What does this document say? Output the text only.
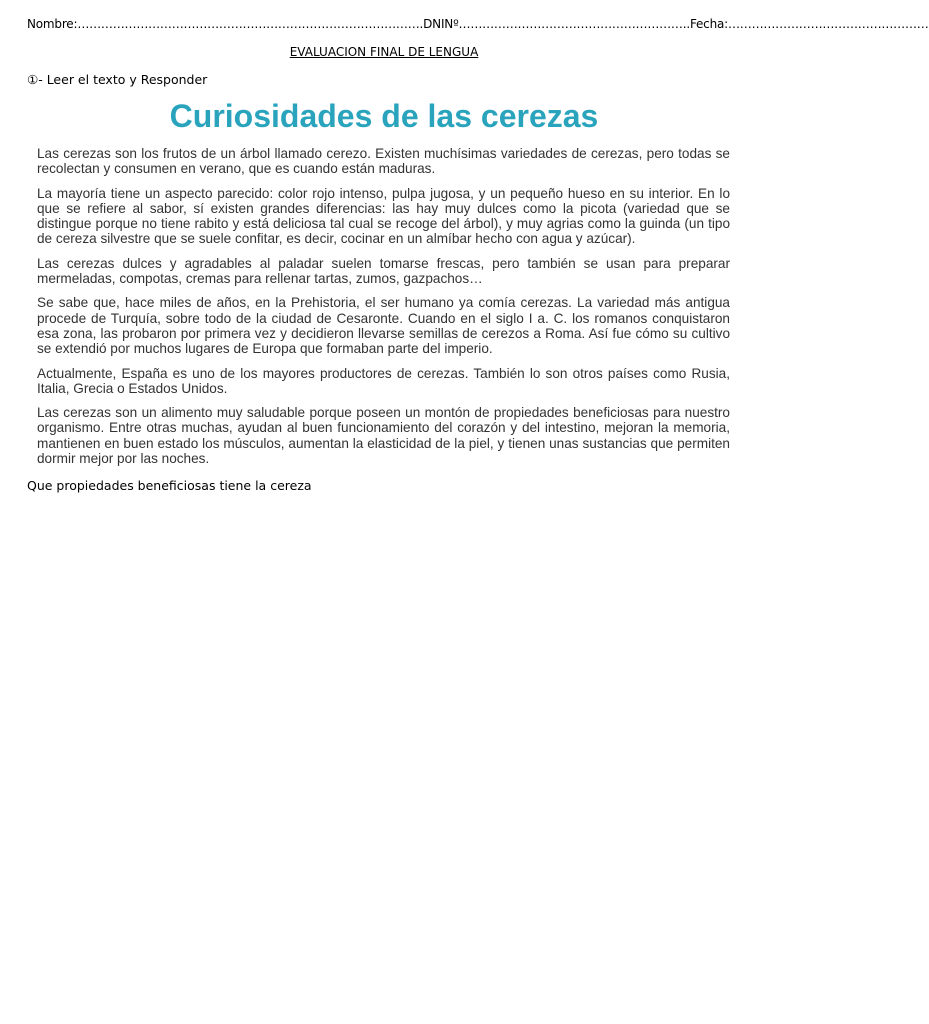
Nombre:…………………………………………………………………………….DNINº…………………………………………………..Fecha:……………………………………………
EVALUACION FINAL DE LENGUA
①- Leer el texto y Responder
Curiosidades de las cerezas

Las cerezas son los frutos de un árbol llamado cerezo. Existen muchísimas variedades de cerezas, pero todas se recolectan y consumen en verano, que es cuando están maduras.

La mayoría tiene un aspecto parecido: color rojo intenso, pulpa jugosa, y un pequeño hueso en su interior. En lo que se refiere al sabor, sí existen grandes diferencias: las hay muy dulces como la picota (variedad que se distingue porque no tiene rabito y está deliciosa tal cual se recoge del árbol), y muy agrias como la guinda (un tipo de cereza silvestre que se suele confitar, es decir, cocinar en un almíbar hecho con agua y azúcar).

Las cerezas dulces y agradables al paladar suelen tomarse frescas, pero también se usan para preparar mermeladas, compotas, cremas para rellenar tartas, zumos, gazpachos…

Se sabe que, hace miles de años, en la Prehistoria, el ser humano ya comía cerezas. La variedad más antigua procede de Turquía, sobre todo de la ciudad de Cesaronte. Cuando en el siglo I a. C. los romanos conquistaron esa zona, las probaron por primera vez y decidieron llevarse semillas de cerezos a Roma. Así fue cómo su cultivo se extendió por muchos lugares de Europa que formaban parte del imperio.

Actualmente, España es uno de los mayores productores de cerezas. También lo son otros países como Rusia, Italia, Grecia o Estados Unidos.

Las cerezas son un alimento muy saludable porque poseen un montón de propiedades beneficiosas para nuestro organismo. Entre otras muchas, ayudan al buen funcionamiento del corazón y del intestino, mejoran la memoria, mantienen en buen estado los músculos, aumentan la elasticidad de la piel, y tienen unas sustancias que permiten dormir mejor por las noches.

Que propiedades beneficiosas tiene la cereza
